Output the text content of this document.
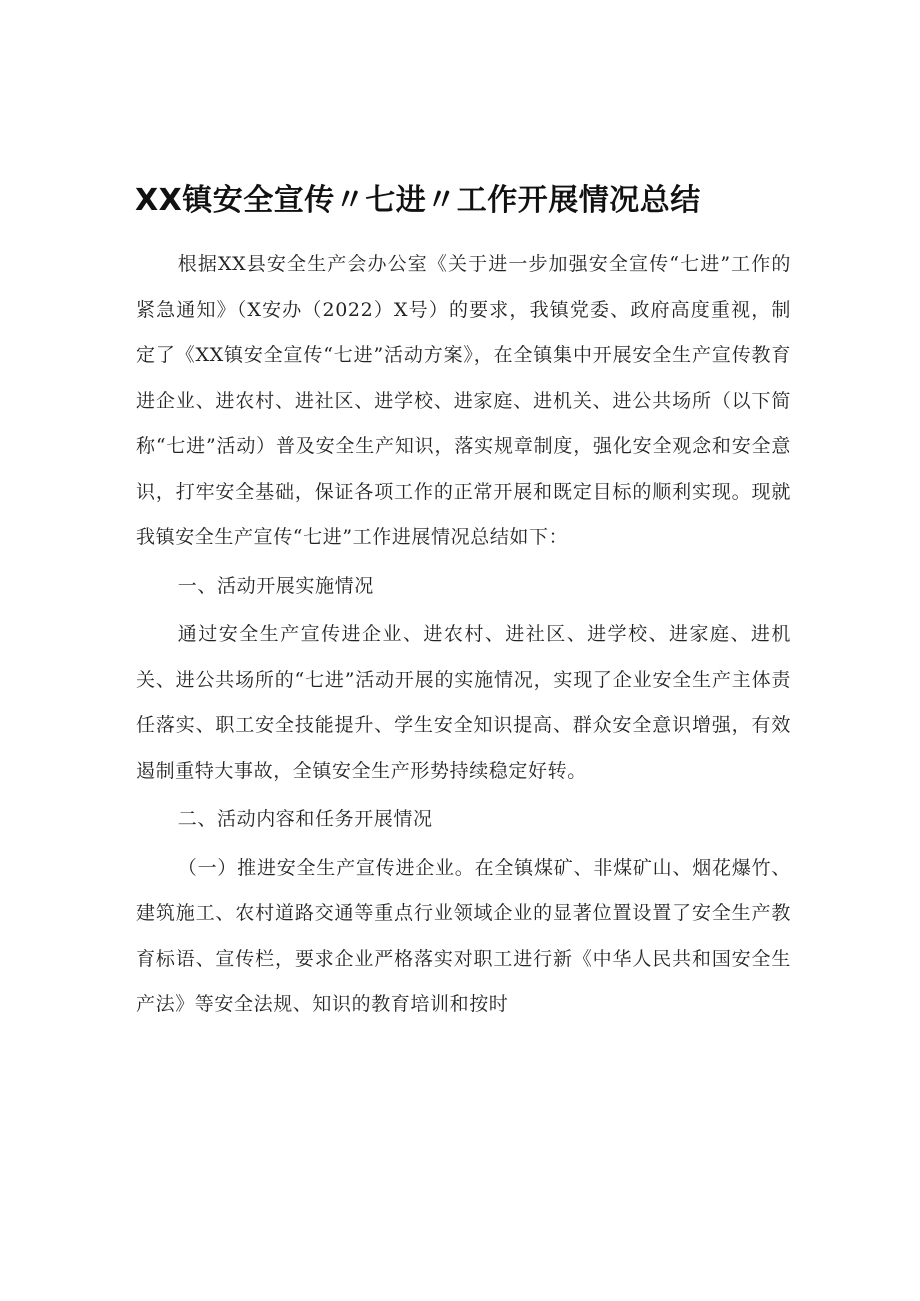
XX镇安全宣传〃七进〃工作开展情况总结

根据XX县安全生产会办公室《关于进一步加强安全宣传“七进”工作的紧急通知》（X安办（2022）X号）的要求，我镇党委、政府高度重视，制定了《XX镇安全宣传“七进”活动方案》，在全镇集中开展安全生产宣传教育进企业、进农村、进社区、进学校、进家庭、进机关、进公共场所（以下简称“七进”活动）普及安全生产知识，落实规章制度，强化安全观念和安全意识，打牢安全基础，保证各项工作的正常开展和既定目标的顺利实现。现就我镇安全生产宣传“七进”工作进展情况总结如下：

一、活动开展实施情况

通过安全生产宣传进企业、进农村、进社区、进学校、进家庭、进机关、进公共场所的“七进”活动开展的实施情况，实现了企业安全生产主体责任落实、职工安全技能提升、学生安全知识提高、群众安全意识增强，有效遏制重特大事故，全镇安全生产形势持续稳定好转。

二、活动内容和任务开展情况

（一）推进安全生产宣传进企业。在全镇煤矿、非煤矿山、烟花爆竹、建筑施工、农村道路交通等重点行业领域企业的显著位置设置了安全生产教育标语、宣传栏，要求企业严格落实对职工进行新《中华人民共和国安全生产法》等安全法规、知识的教育培训和按时
